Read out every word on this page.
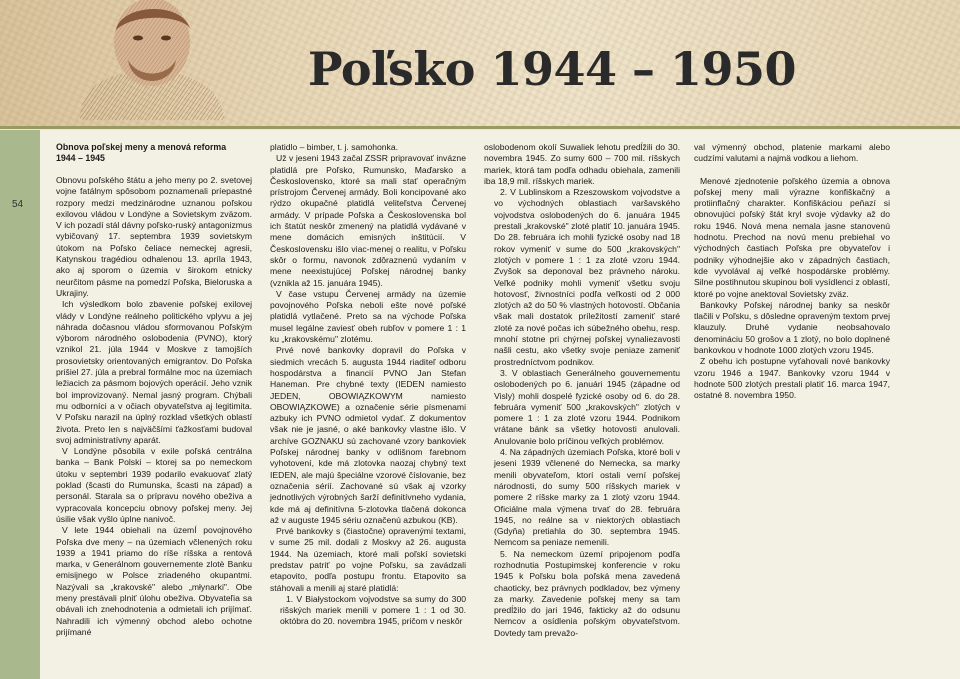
Poľsko 1944 – 1950
54
Obnova poľskej meny a menová reforma
1944 – 1945

Obnovu poľského štátu a jeho meny po 2. svetovej vojne fatálnym spôsobom poznamenali príepastné rozpory medzi medzinárodne uznanou poľskou exilovou vládou v Londýne a Sovietskym zväzom. V ich pozadí stál dávny poľsko-ruský antagonizmus vybičovaný 17. septembra 1939 sovietskym útokom na Poľsko čeliace nemeckej agresii, Katynskou tragédiou odhalenou 13. apríla 1943, ako aj sporom o územia v širokom etnicky neurčitom pásme na pomedzí Poľska, Bieloruska a Ukrajiny.

Ich výsledkom bolo zbavenie poľskej exilovej vlády v Londýne reálneho politického vplyvu a jej náhrada dočasnou vládou sformovanou Poľským výborom národného oslobodenia (PVNO), ktorý vznikol 21. júla 1944 v Moskve z tamojších prosovietsky orientovaných emigrantov. Do Poľska prišiel 27. júla a prebral formálne moc na územiach ležiacich za pásmom bojových operácií. Jeho vznik bol improvizovaný. Nemal jasný program. Chýbali mu odborníci a v očiach obyvateľstva aj legitimita. V Poľsku narazil na úplný rozklad všetkých oblastí života. Preto len s najväčšími ťažkosťami budoval svoj administratívny aparát.

V Londýne pôsobila v exile poľská centrálna banka – Bank Polski – ktorej sa po nemeckom útoku v septembri 1939 podarilo evakuovať zlatý poklad (šcasti do Rumunska, šcasti na západ) a personál. Starala sa o prípravu nového obeživa a vypracovala koncepciu obnovy poľskej meny. Jej úsilie však vyšlo úplne nanivoč.

V lete 1944 obiehali na územÍ povojnového Poľska dve meny – na územiach včlenených roku 1939 a 1941 priamo do ríše ríšska a rentová marka, v Generálnom gouvernemente zlotè Banku emisijnego w Polsce zriadeného okupantmi. Nazývali sa „krakovské" alebo „młynarki". Obe meny prestávali plniť úlohu obeživa. Obyvateľia sa obávali ich znehodnotenia a odmietali ich prijímať. Nahradili ich výmenný obchod alebo ochotne prijímané

platidlo – bimber, t. j. samohonka.

Už v jeseni 1943 začal ZSSR pripravovať invázne platidlá pre Poľsko, Rumunsko, Maďarsko a Československo, ktoré sa mali stať operačným prístrojom Červenej armády. Boli koncipované ako rýdzo okupačné platidlá veliteľstva Červenej armády. V prípade Poľska a Československa bol ich štatút neskôr zmenený na platidlá vydávané v mene domácich emisných inštitúcií. V Československu išlo viac-menej o realitu, v Poľsku skôr o formu, navonok zdôraznenú vydaním v mene neexistujúcej Poľskej národnej banky (vznikla až 15. januára 1945).

V čase vstupu Červenej armády na územie povojnového Poľska neboli ešte nové poľské platidlá vytlačené. Preto sa na východe Poľska musel legálne zaviesť obeh rubľov v pomere 1 : 1 ku „krakovskému" zlotému.

Prvé nové bankovky dopravil do Poľska v siedmich vrecách 5. augusta 1944 riaditeľ odboru hospodárstva a financií PVNO Jan Stefan Haneman. Pre chybné texty (IEDEN namiesto JEDEN, OBOWIĄZKOWYM namiesto OBOWIĄZKOWE) a označenie série písmenami azbuky ich PVNO odmietol vydať. Z dokumentov však nie je jasné, o aké bankovky vlastne išlo. V archíve GOZNAKU sú zachované vzory bankoviek Poľskej národnej banky v odlišnom farebnom vyhotovení, kde má zlotovka naozaj chybný text IEDEN, ale majú špeciálne vzorové číslovanie, bez označenia sérií. Zachované sú však aj vzorky jednotlivých výrobných šarží definitívneho vydania, kde má aj definitívna 5-zlotovka tlačená dokonca až v auguste 1945 sériu označenú azbukou (KB).

Prvé bankovky s (čiastočne) opravenými textami, v sume 25 mil. dodali z Moskvy až 26. augusta 1944. Na územiach, ktoré mali poľskí sovietski predstav patriť po vojne Poľsku, sa zavádzali etapovito, podľa postupu frontu. Etapovito sa stáhovali a menili aj staré platidlá:

1. V Białystockom vojvodstve sa sumy do 300 rišských mariek menili v pomere 1 : 1 od 30. októbra do 20. novembra 1945, pričom v neskôr

oslobodenom okolí Suwaliek lehotu predĺžili do 30. novembra 1945. Zo sumy 600 – 700 mil. ríšskych mariek, ktorá tam podľa odhadu obiehala, zamenili iba 18,9 mil. ríšskych mariek.

2. V Lublinskom a Rzeszowskom vojvodstve a vo východných oblastiach varšavského vojvodstva oslobodených do 6. januára 1945 prestali „krakovské" zloté platiť 10. januára 1945. Do 28. februára ich mohli fyzické osoby nad 18 rokov vymeniť v sume do 500 „krakovských" zlotých v pomere 1 : 1 za zloté vzoru 1944. Zvyšok sa deponoval bez právneho nároku. Veľké podniky mohli vymeniť všetku svoju hotovosť, živnostníci podľa veľkosti od 2 000 zlotých až do 50 % vlastných hotovostí. Občania však mali dostatok príležitostí zameniť staré zloté za nové počas ich súbežného obehu, resp. mnohí stotne pri chýrnej poľskej vynaliezavosti našli cestu, ako všetky svoje peniaze zameniť prostredníctvom podnikov.

3. V oblastiach Generálneho gouvernementu oslobodených po 6. januári 1945 (západne od Visly) mohli dospelé fyzické osoby od 6. do 28. februára vymeniť 500 „krakovských" zlotých v pomere 1 : 1 za zloté vzoru 1944. Podnikom vrátane bánk sa všetky hotovosti anulovali. Anulovanie bolo príčinou veľkých problémov.

4. Na západných územiach Poľska, ktoré boli v jeseni 1939 včlenené do Nemecka, sa marky menili obyvateľom, ktorí ostali verní poľskej národnosti, do sumy 500 ríšskych mariek v pomere 2 ríšske marky za 1 zlotý vzoru 1944. Oficiálne mala výmena trvať do 28. februára 1945, no reálne sa v niektorých oblastiach (Gdyňa) pretiahla do 30. septembra 1945. Nemcom sa peniaze nemenili.

5. Na nemeckom území pripojenom podľa rozhodnutia Postupimskej konferencie v roku 1945 k Poľsku bola poľská mena zavedená chaoticky, bez právnych podkladov, bez výmeny za marky. Zavedenie poľskej meny sa tam predĺžilo do jari 1946, fakticky až do odsunu Nemcov a osídlenia poľským obyvateľstvom. Dovtedy tam prevažo-

val výmenný obchod, platenie markami alebo cudzími valutami a najmä vodkou a liehom.

Menové zjednotenie poľského územia a obnova poľskej meny mali výrazne konfiškačný a protiinflačný charakter. Konfiškáciou peňazí si obnovujúci poľský štát kryl svoje výdavky až do roku 1946. Nová mena nemala jasne stanovenú hodnotu. Prechod na novú menu prebiehal vo východných častiach Poľska pre obyvateľov i podniky výhodnejšie ako v západných častiach, kde vyvolával aj veľké hospodárske problémy. Silne postihnutou skupinou boli vysídlenci z oblastí, ktoré po vojne anektoval Sovietsky zväz.

Bankovky Poľskej národnej banky sa neskôr tlačili v Poľsku, s dôsledne opraveným textom prvej klauzuly. Druhé vydanie neobsahovalo denomináciu 50 grošov a 1 zlotý, no bolo doplnené bankovkou v hodnote 1000 zlotých vzoru 1945.

Z obehu ich postupne vyťahovali nové bankovky vzoru 1946 a 1947. Bankovky vzoru 1944 v hodnote 500 zlotých prestali platiť 16. marca 1947, ostatné 8. novembra 1950.
